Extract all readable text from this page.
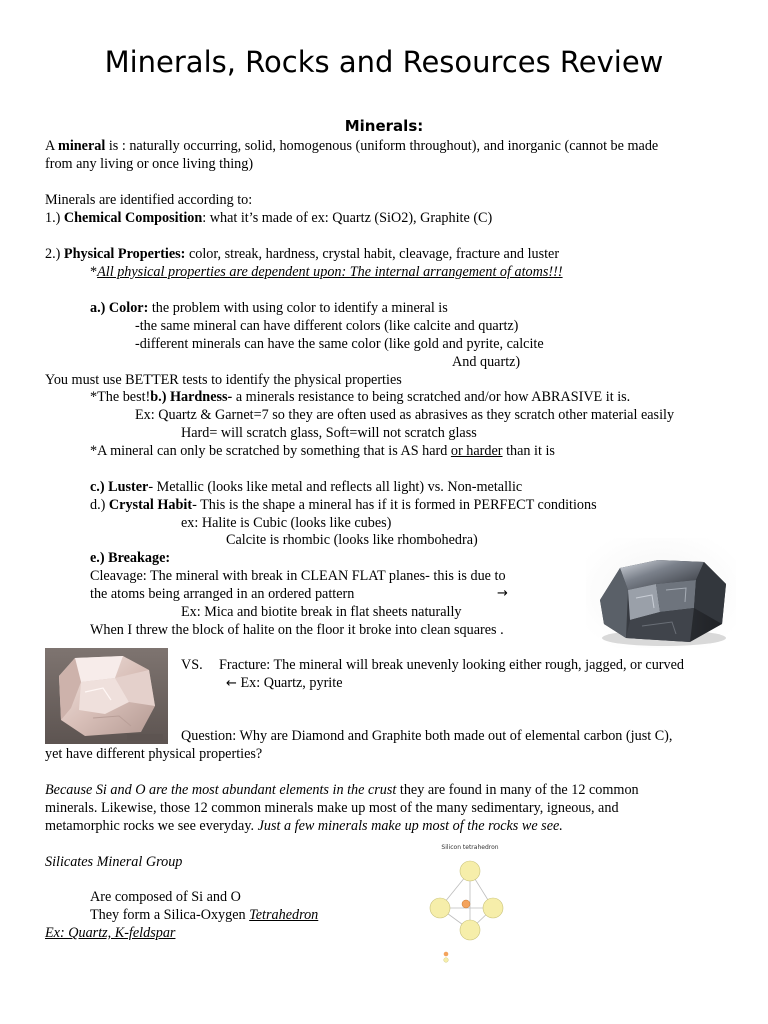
Minerals, Rocks and Resources Review
Minerals:
A mineral is : naturally occurring, solid, homogenous (uniform throughout), and inorganic (cannot be made
from any living or once living thing)
Minerals are identified according to:
1.) Chemical Composition: what it’s made of ex: Quartz (SiO2), Graphite (C)
2.) Physical Properties: color, streak, hardness, crystal habit, cleavage, fracture and luster
*All physical properties are dependent upon: The internal arrangement of atoms!!!
a.) Color: the problem with using color to identify a mineral is
-the same mineral can have different colors (like calcite and quartz)
-different minerals can have the same color (like gold and pyrite, calcite
And quartz)
You must use BETTER tests to identify the physical properties
*The best!b.) Hardness- a minerals resistance to being scratched and/or how ABRASIVE it is.
Ex: Quartz & Garnet=7 so they are often used as abrasives as they scratch other material easily
Hard= will scratch glass, Soft=will not scratch glass
*A mineral can only be scratched by something that is AS hard or harder than it is
c.) Luster- Metallic (looks like metal and reflects all light) vs. Non-metallic
d.) Crystal Habit- This is the shape a mineral has if it is formed in PERFECT conditions
ex: Halite is Cubic (looks like cubes)
Calcite is rhombic (looks like rhombohedra)
e.) Breakage:
Cleavage: The mineral with break in CLEAN FLAT planes- this is due to
the atoms being arranged in an ordered pattern	→
Ex: Mica and biotite break in flat sheets naturally
When I threw the block of halite on the floor it broke into clean squares .
VS. Fracture: The mineral will break unevenly looking either rough, jagged, or curved
← Ex: Quartz, pyrite
Question: Why are Diamond and Graphite both made out of elemental carbon (just C),
yet have different physical properties?
Because Si and O are the most abundant elements in the crust they are found in many of the 12 common
minerals. Likewise, those 12 common minerals make up most of the many sedimentary, igneous, and
metamorphic rocks we see everyday. Just a few minerals make up most of the rocks we see.
Silicates Mineral Group
Are composed of Si and O
They form a Silica-Oxygen Tetrahedron
Ex: Quartz, K-feldspar
Silicon tetrahedron
